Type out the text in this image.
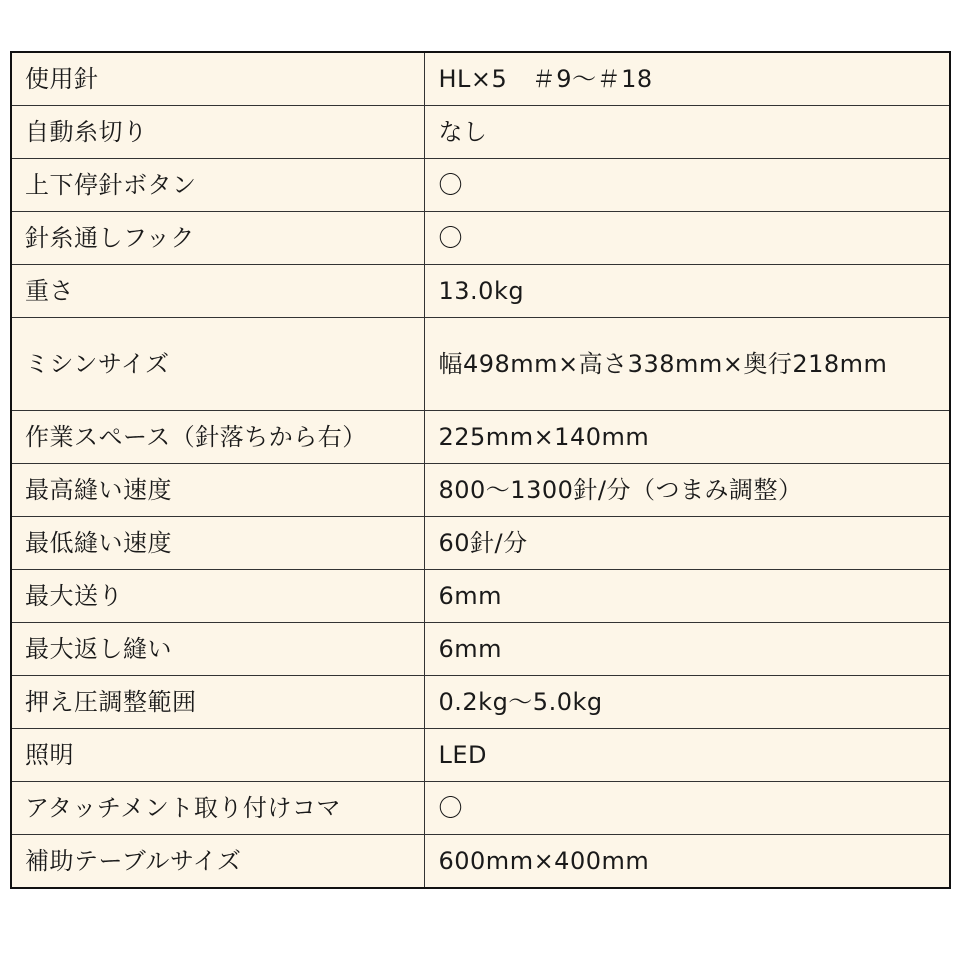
使用針	HL×5　＃9～＃18
自動糸切り	なし
上下停針ボタン	〇
針糸通しフック	〇
重さ	13.0kg
ミシンサイズ	幅498mm×高さ338mm×奥行218mm
作業スペース（針落ちから右）	225mm×140mm
最高縫い速度	800～1300針/分（つまみ調整）
最低縫い速度	60針/分
最大送り	6mm
最大返し縫い	6mm
押え圧調整範囲	0.2kg～5.0kg
照明	LED
アタッチメント取り付けコマ	〇
補助テーブルサイズ	600mm×400mm
